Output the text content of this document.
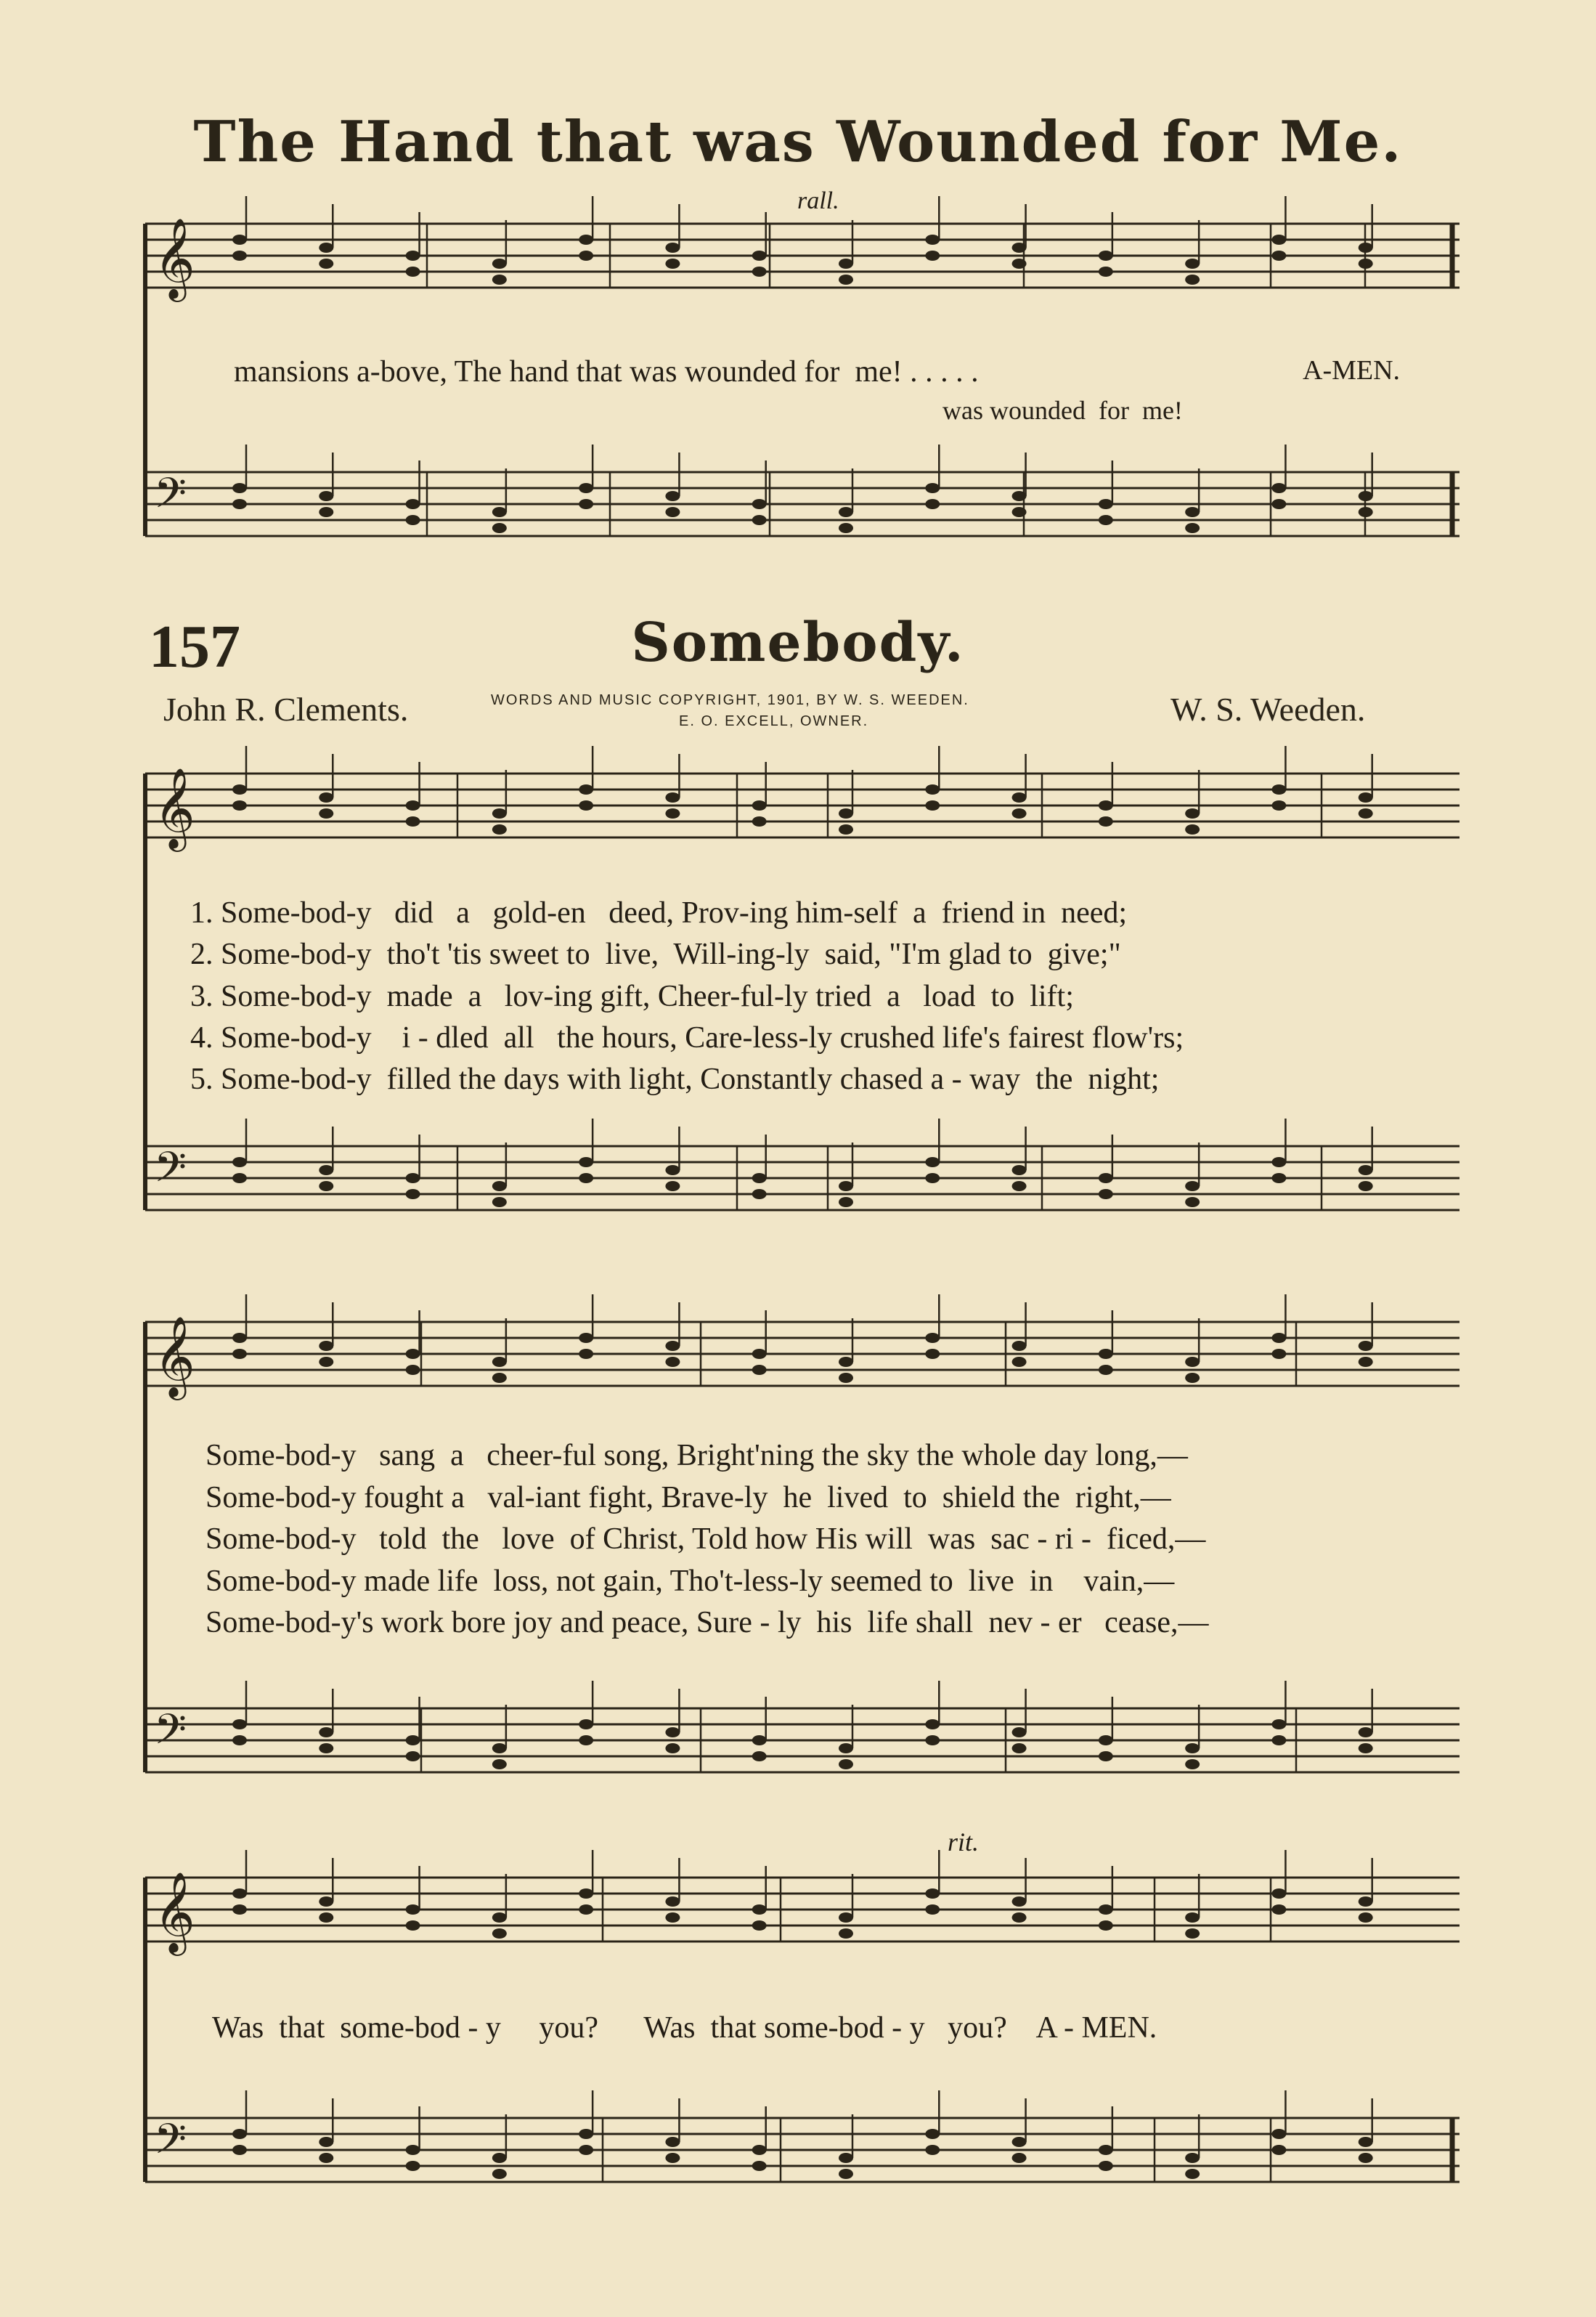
The Hand that was Wounded for Me.
rall.
mansions a-bove, The hand that was wounded for  me! . . . . .	A-MEN.
was wounded  for  me!
157	Somebody.
John R. Clements.	WORDS AND MUSIC COPYRIGHT, 1901, BY W. S. WEEDEN.
E. O. EXCELL, OWNER.	W. S. Weeden.
1. Some-bod-y   did   a   gold-en   deed, Prov-ing him-self  a  friend in  need;
2. Some-bod-y  tho't 'tis sweet to  live,  Will-ing-ly  said, "I'm glad to  give;"
3. Some-bod-y  made  a   lov-ing gift, Cheer-ful-ly tried  a   load  to  lift;
4. Some-bod-y    i - dled  all   the hours, Care-less-ly crushed life's fairest flow'rs;
5. Some-bod-y  filled the days with light, Constantly chased a - way  the  night;
Some-bod-y   sang  a   cheer-ful song, Bright'ning the sky the whole day long,—
Some-bod-y fought a   val-iant fight, Brave-ly  he  lived  to  shield the  right,—
Some-bod-y   told  the   love  of Christ, Told how His will  was  sac - ri -  ficed,—
Some-bod-y made life  loss, not gain, Tho't-less-ly seemed to  live  in    vain,—
Some-bod-y's work bore joy and peace, Sure - ly  his  life shall  nev - er   cease,—
rit.
Was  that  some-bod - y     you?      Was  that some-bod - y   you?    A - MEN.
𝄞
𝄢
𝄞
𝄢
𝄞
𝄢
𝄞
𝄢
